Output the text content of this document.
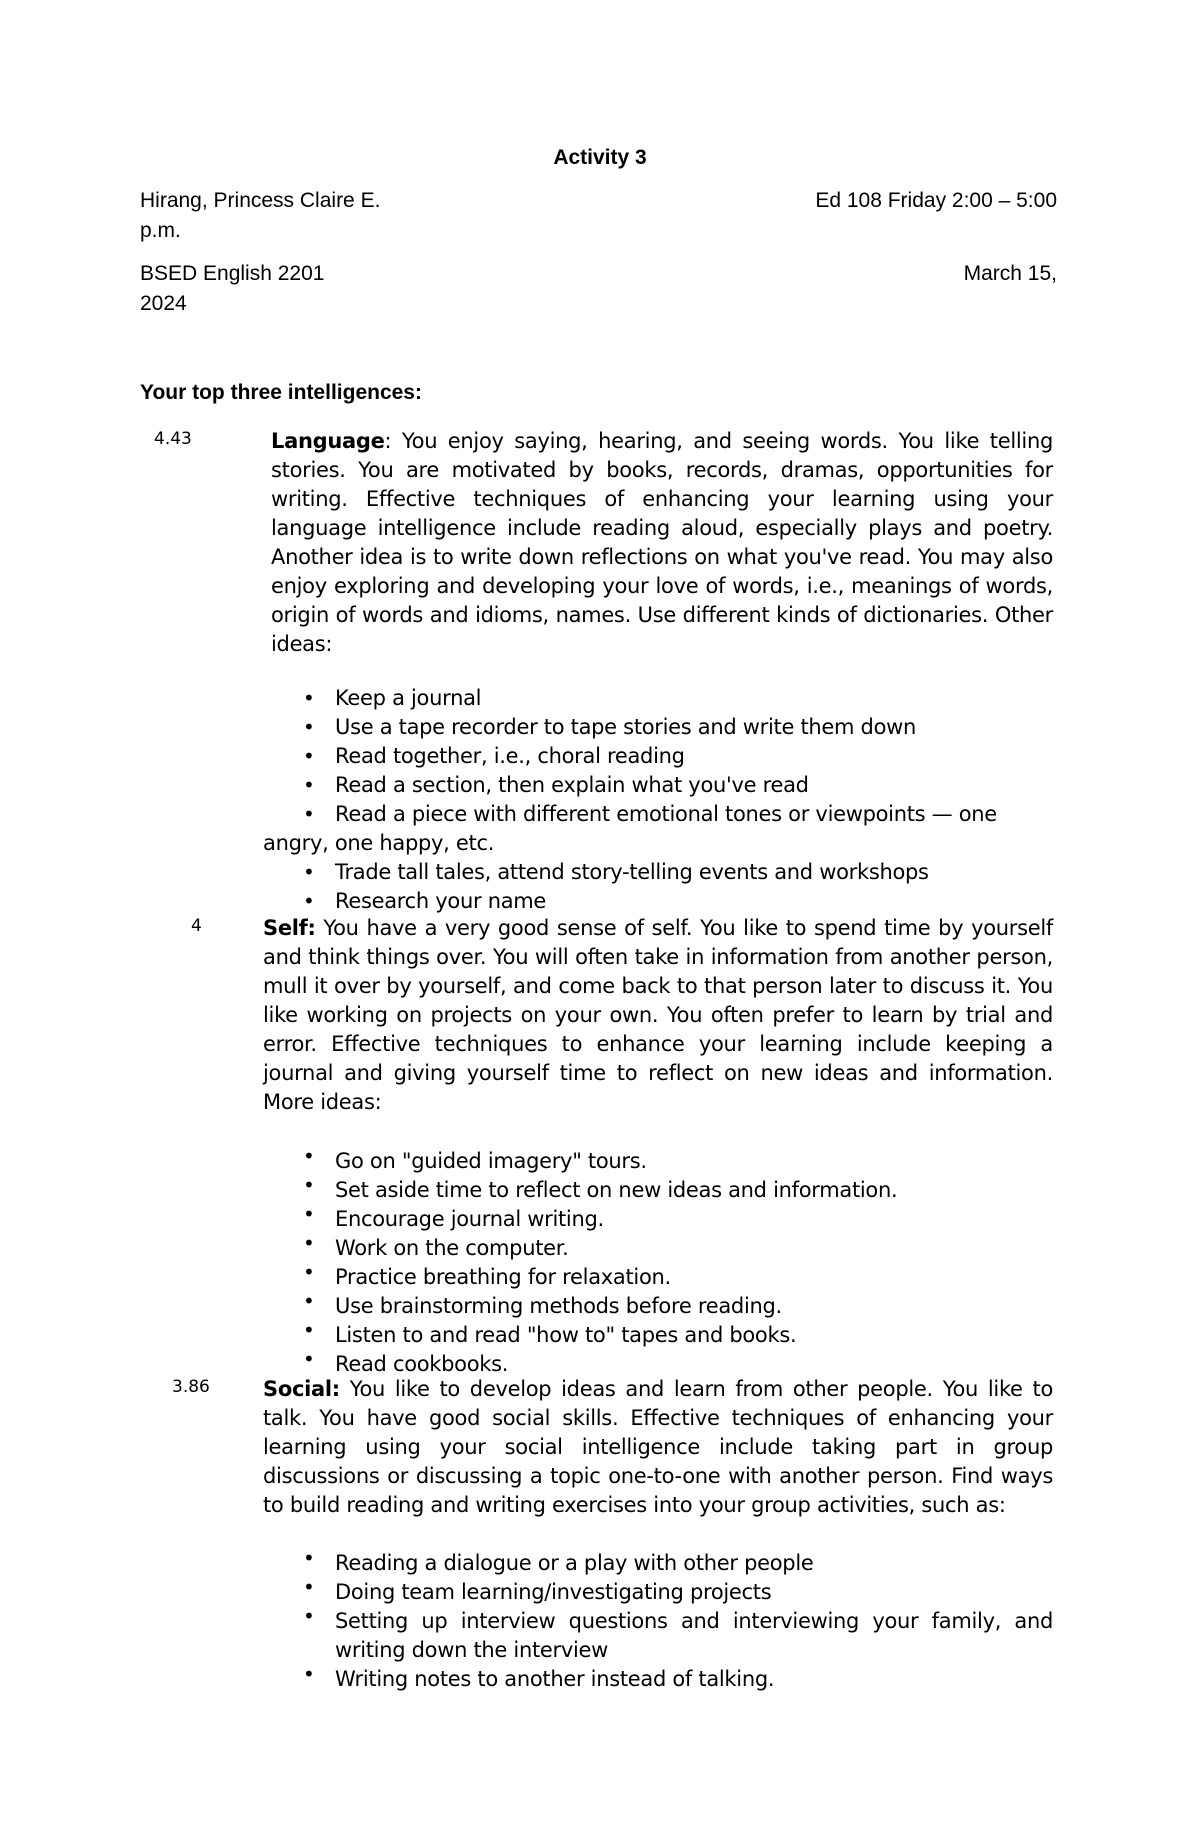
Activity 3
Hirang, Princess Claire E.	Ed 108 Friday 2:00 – 5:00
p.m.
BSED English 2201	March 15,
2024
Your top three intelligences:
4.43	Language: You enjoy saying, hearing, and seeing words. You like telling stories. You are motivated by books, records, dramas, opportunities for writing. Effective techniques of enhancing your learning using your language intelligence include reading aloud, especially plays and poetry. Another idea is to write down reflections on what you've read. You may also enjoy exploring and developing your love of words, i.e., meanings of words, origin of words and idioms, names. Use different kinds of dictionaries. Other ideas:

• Keep a journal
• Use a tape recorder to tape stories and write them down
• Read together, i.e., choral reading
• Read a section, then explain what you've read
• Read a piece with different emotional tones or viewpoints — one angry, one happy, etc.
• Trade tall tales, attend story-telling events and workshops
• Research your name
4	Self: You have a very good sense of self. You like to spend time by yourself and think things over. You will often take in information from another person, mull it over by yourself, and come back to that person later to discuss it. You like working on projects on your own. You often prefer to learn by trial and error. Effective techniques to enhance your learning include keeping a journal and giving yourself time to reflect on new ideas and information. More ideas:

• Go on "guided imagery" tours.
• Set aside time to reflect on new ideas and information.
• Encourage journal writing.
• Work on the computer.
• Practice breathing for relaxation.
• Use brainstorming methods before reading.
• Listen to and read "how to" tapes and books.
• Read cookbooks.
3.86	Social: You like to develop ideas and learn from other people. You like to talk. You have good social skills. Effective techniques of enhancing your learning using your social intelligence include taking part in group discussions or discussing a topic one-to-one with another person. Find ways to build reading and writing exercises into your group activities, such as:

• Reading a dialogue or a play with other people
• Doing team learning/investigating projects
• Setting up interview questions and interviewing your family, and writing down the interview
• Writing notes to another instead of talking.
